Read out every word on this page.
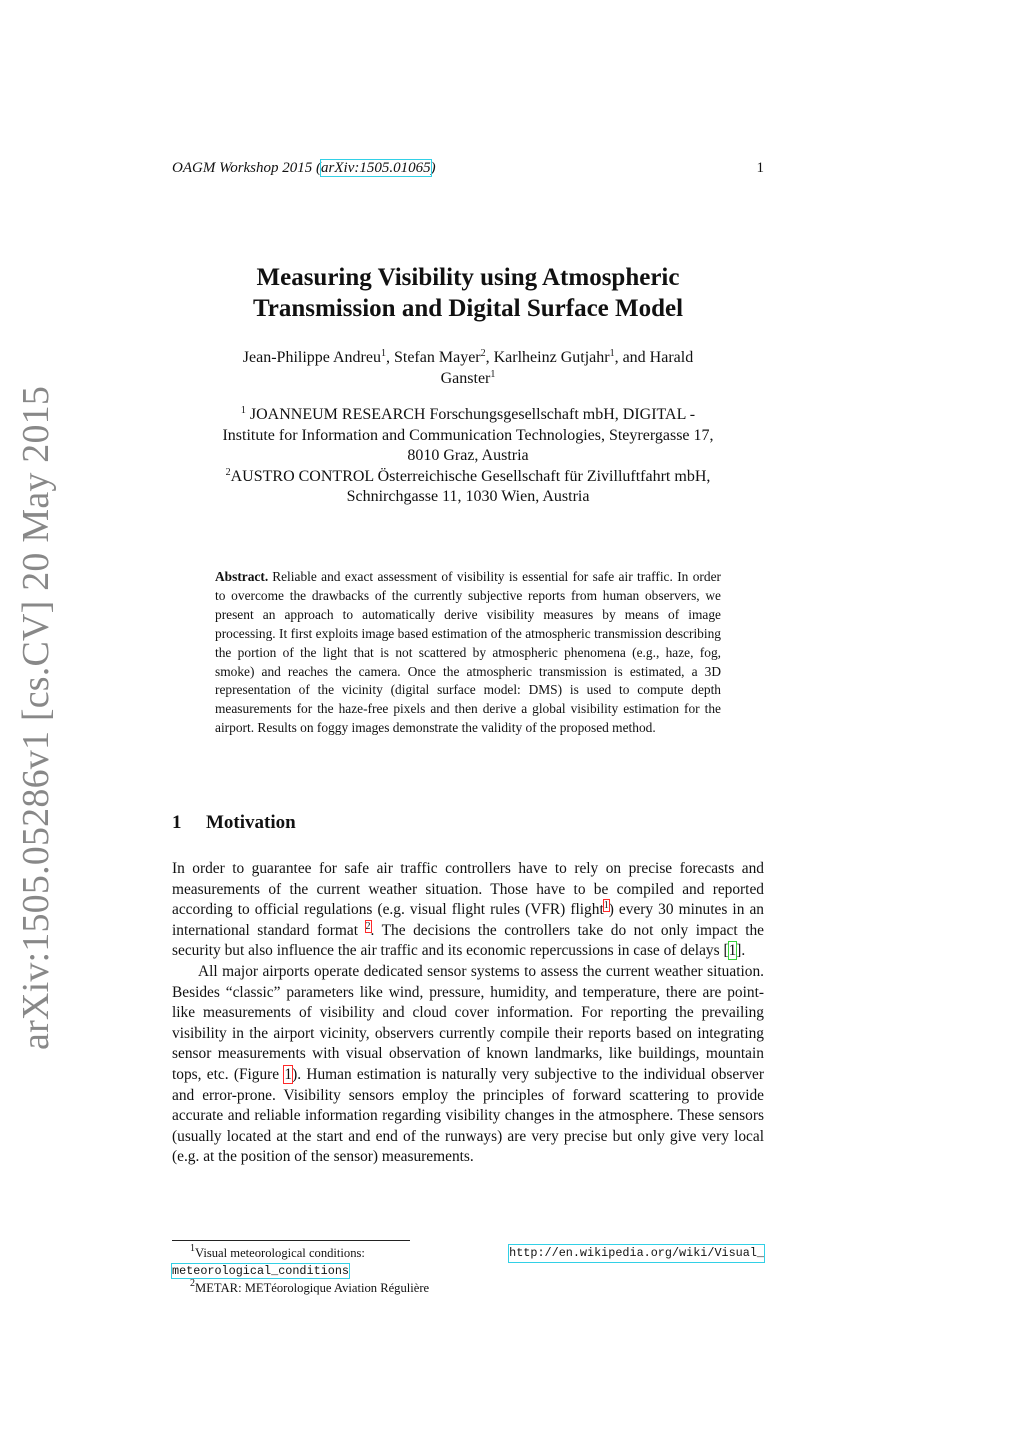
OAGM Workshop 2015 (arXiv:1505.01065)	1
arXiv:1505.05286v1 [cs.CV] 20 May 2015
Measuring Visibility using Atmospheric
Transmission and Digital Surface Model
Jean-Philippe Andreu$^1$, Stefan Mayer$^2$, Karlheinz Gutjahr$^1$, and Harald
Ganster$^1$
$^1$ JOANNEUM RESEARCH Forschungsgesellschaft mbH, DIGITAL -
Institute for Information and Communication Technologies, Steyrergasse 17,
8010 Graz, Austria
$^2$AUSTRO CONTROL Österreichische Gesellschaft für Zivilluftfahrt mbH,
Schnirchgasse 11, 1030 Wien, Austria
Abstract. Reliable and exact assessment of visibility is essential for safe air traffic. In order to overcome the drawbacks of the currently subjective reports from human observers, we present an approach to automatically derive visibility measures by means of image processing. It first exploits image based estimation of the atmospheric transmission describing the portion of the light that is not scattered by atmospheric phenomena (e.g., haze, fog, smoke) and reaches the camera. Once the atmospheric transmission is estimated, a 3D representation of the vicinity (digital surface model: DMS) is used to compute depth measurements for the haze-free pixels and then derive a global visibility estimation for the airport. Results on foggy images demonstrate the validity of the proposed method.
1 Motivation

In order to guarantee for safe air traffic controllers have to rely on precise forecasts and measurements of the current weather situation. Those have to be compiled and reported according to official regulations (e.g. visual flight rules (VFR) flight$^1$) every 30 minutes in an international standard format $^2$. The decisions the controllers take do not only impact the security but also influence the air traffic and its economic repercussions in case of delays [1].

All major airports operate dedicated sensor systems to assess the current weather situation. Besides “classic” parameters like wind, pressure, humidity, and temperature, there are point-like measurements of visibility and cloud cover information. For reporting the prevailing visibility in the airport vicinity, observers currently compile their reports based on integrating sensor measurements with visual observation of known landmarks, like buildings, mountain tops, etc. (Figure 1). Human estimation is naturally very subjective to the individual observer and error-prone. Visibility sensors employ the principles of forward scattering to provide accurate and reliable information regarding visibility changes in the atmosphere. These sensors (usually located at the start and end of the runways) are very precise but only give very local (e.g. at the position of the sensor) measurements.

$^1$Visual meteorological conditions:	http://en.wikipedia.org/wiki/Visual_
meteorological_conditions
$^2$METAR: METéorologique Aviation Régulière
